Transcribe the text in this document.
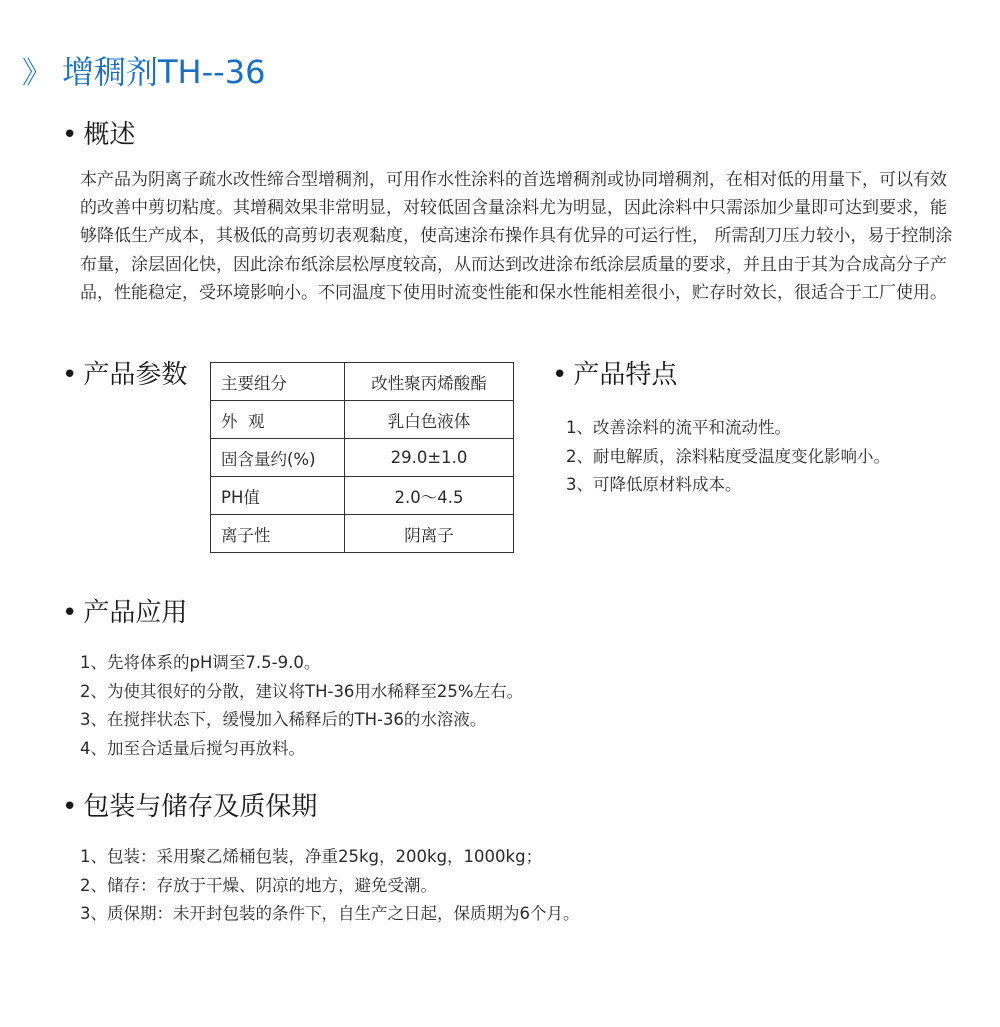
》 增稠剂TH--36
• 概述

本产品为阴离子疏水改性缔合型增稠剂，可用作水性涂料的首选增稠剂或协同增稠剂，在相对低的用量下，可以有效的改善中剪切粘度。其增稠效果非常明显，对较低固含量涂料尤为明显，因此涂料中只需添加少量即可达到要求，能够降低生产成本，其极低的高剪切表观黏度，使高速涂布操作具有优异的可运行性， 所需刮刀压力较小，易于控制涂布量，涂层固化快，因此涂布纸涂层松厚度较高，从而达到改进涂布纸涂层质量的要求，并且由于其为合成高分子产品，性能稳定，受环境影响小。不同温度下使用时流变性能和保水性能相差很小，贮存时效长，很适合于工厂使用。

• 产品参数 主要组分	改性聚丙烯酸酯
外  观	乳白色液体
固含量约(%)	29.0±1.0
PH值	2.0～4.5
离子性	阴离子
• 产品特点
1、改善涂料的流平和流动性。
2、耐电解质，涂料粘度受温度变化影响小。
3、可降低原材料成本。
• 产品应用
1、先将体系的pH调至7.5-9.0。
2、为使其很好的分散，建议将TH-36用水稀释至25%左右。
3、在搅拌状态下，缓慢加入稀释后的TH-36的水溶液。
4、加至合适量后搅匀再放料。
• 包装与储存及质保期
1、包装：采用聚乙烯桶包装，净重25kg，200kg，1000kg；
2、储存：存放于干燥、阴凉的地方，避免受潮。
3、质保期：未开封包装的条件下，自生产之日起，保质期为6个月。
